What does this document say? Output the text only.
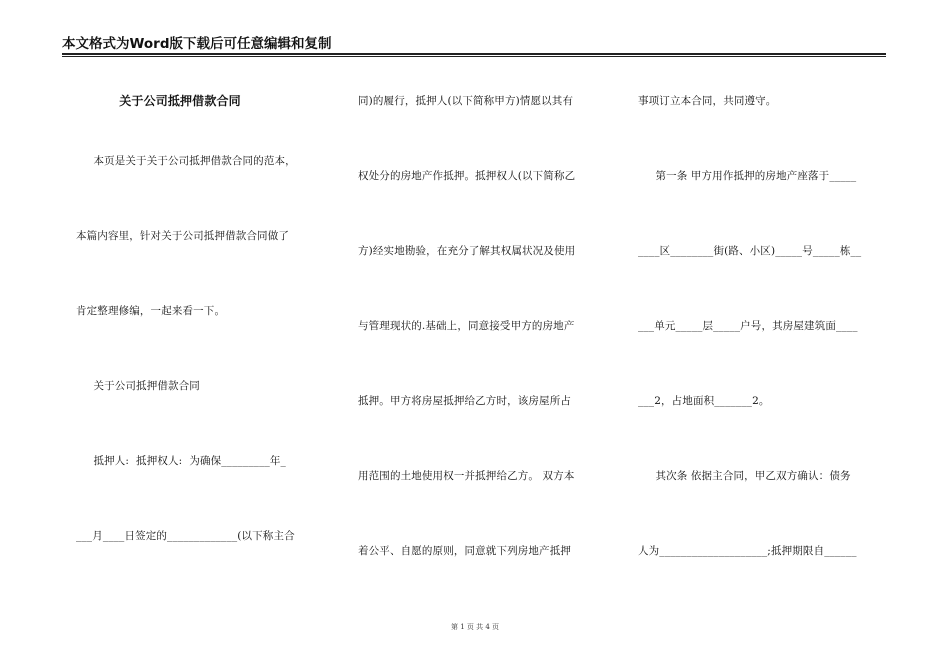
本文格式为Word版下载后可任意编辑和复制
关于公司抵押借款合同
本页是关于关于公司抵押借款合同的范本，
本篇内容里，针对关于公司抵押借款合同做了
肯定整理修编，一起来看一下。
关于公司抵押借款合同
抵押人:  抵押权人:  为确保_________年_
___月____日签定的_____________(以下称主合
同)的履行，抵押人(以下简称甲方)情愿以其有
权处分的房地产作抵押。抵押权人(以下简称乙
方)经实地勘验，在充分了解其权属状况及使用
与管理现状的.基础上，同意接受甲方的房地产
抵押。甲方将房屋抵押给乙方时，该房屋所占
用范围的土地使用权一并抵押给乙方。 双方本
着公平、自愿的原则，同意就下列房地产抵押
事项订立本合同，共同遵守。
第一条 甲方用作抵押的房地产座落于_____
____区________街(路、小区)_____号_____栋__
___单元_____层_____户号，其房屋建筑面____
___2，占地面积_______2。
其次条 依据主合同，甲乙双方确认：债务
人为____________________;抵押期限自______
第 1 页 共 4 页
